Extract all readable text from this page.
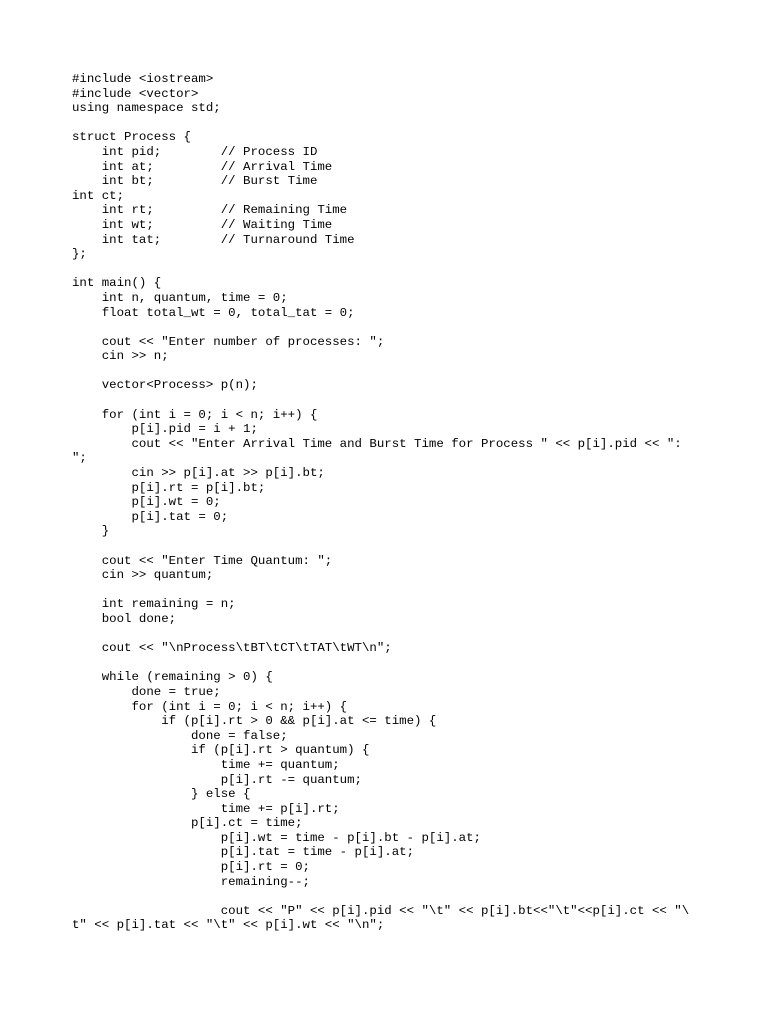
#include <iostream>
#include <vector>
using namespace std;
struct Process {
int pid;        // Process ID
int at;         // Arrival Time
int bt;         // Burst Time
int ct;
int rt;         // Remaining Time
int wt;         // Waiting Time
int tat;        // Turnaround Time
};
int main() {
int n, quantum, time = 0;
float total_wt = 0, total_tat = 0;
cout << "Enter number of processes: ";
cin >> n;
vector<Process> p(n);
for (int i = 0; i < n; i++) {
p[i].pid = i + 1;
cout << "Enter Arrival Time and Burst Time for Process " << p[i].pid << ":
";
cin >> p[i].at >> p[i].bt;
p[i].rt = p[i].bt;
p[i].wt = 0;
p[i].tat = 0;
}
cout << "Enter Time Quantum: ";
cin >> quantum;
int remaining = n;
bool done;
cout << "\nProcess\tBT\tCT\tTAT\tWT\n";
while (remaining > 0) {
done = true;
for (int i = 0; i < n; i++) {
if (p[i].rt > 0 && p[i].at <= time) {
done = false;
if (p[i].rt > quantum) {
time += quantum;
p[i].rt -= quantum;
} else {
time += p[i].rt;
p[i].ct = time;
p[i].wt = time - p[i].bt - p[i].at;
p[i].tat = time - p[i].at;
p[i].rt = 0;
remaining--;
cout << "P" << p[i].pid << "\t" << p[i].bt<<"\t"<<p[i].ct << "\
t" << p[i].tat << "\t" << p[i].wt << "\n";
